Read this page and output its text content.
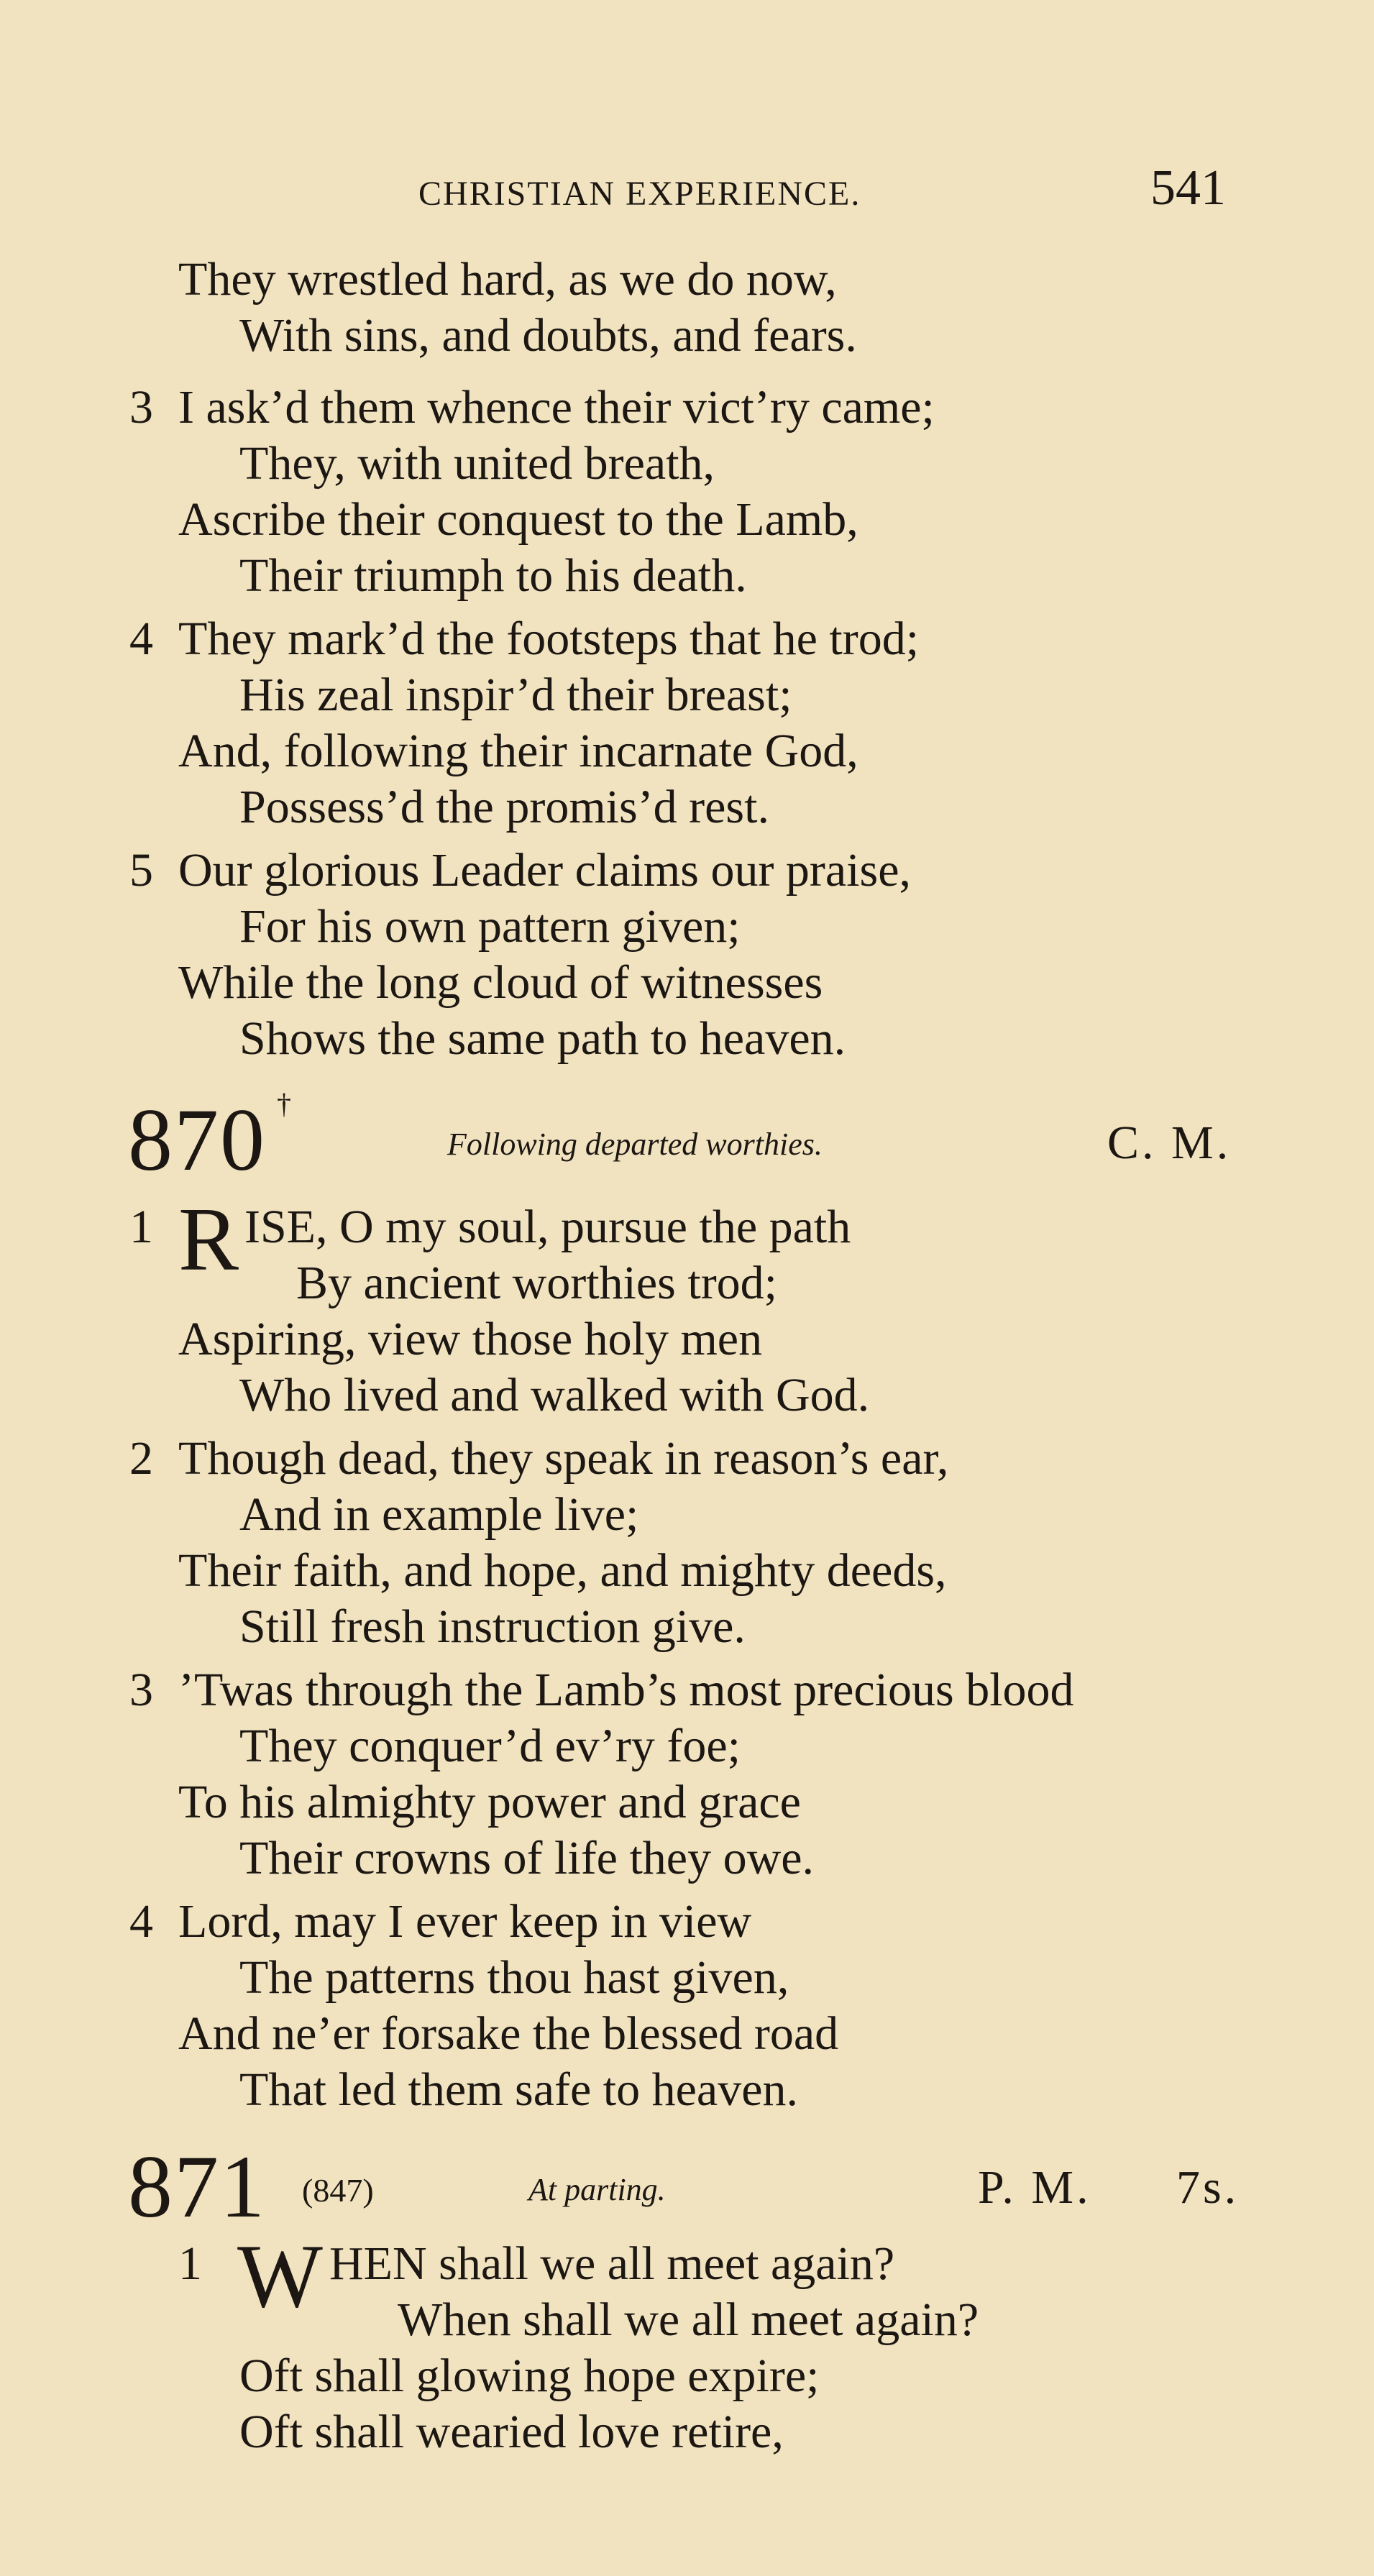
CHRISTIAN EXPERIENCE.	541
They wrestled hard, as we do now,
With sins, and doubts, and fears.
3 I ask’d them whence their vict’ry came;
They, with united breath,
Ascribe their conquest to the Lamb,
Their triumph to his death.
4 They mark’d the footsteps that he trod;
His zeal inspir’d their breast;
And, following their incarnate God,
Possess’d the promis’d rest.
5 Our glorious Leader claims our praise,
For his own pattern given;
While the long cloud of witnesses
Shows the same path to heaven.
870 †
Following departed worthies.	C. M.
1 R ISE, O my soul, pursue the path
By ancient worthies trod;
Aspiring, view those holy men
Who lived and walked with God.
2 Though dead, they speak in reason’s ear,
And in example live;
Their faith, and hope, and mighty deeds,
Still fresh instruction give.
3 ’Twas through the Lamb’s most precious blood
They conquer’d ev’ry foe;
To his almighty power and grace
Their crowns of life they owe.
4 Lord, may I ever keep in view
The patterns thou hast given,
And ne’er forsake the blessed road
That led them safe to heaven.
871 (847)	At parting.	P. M. 7s.
1 W HEN shall we all meet again?
When shall we all meet again?
Oft shall glowing hope expire;
Oft shall wearied love retire,
